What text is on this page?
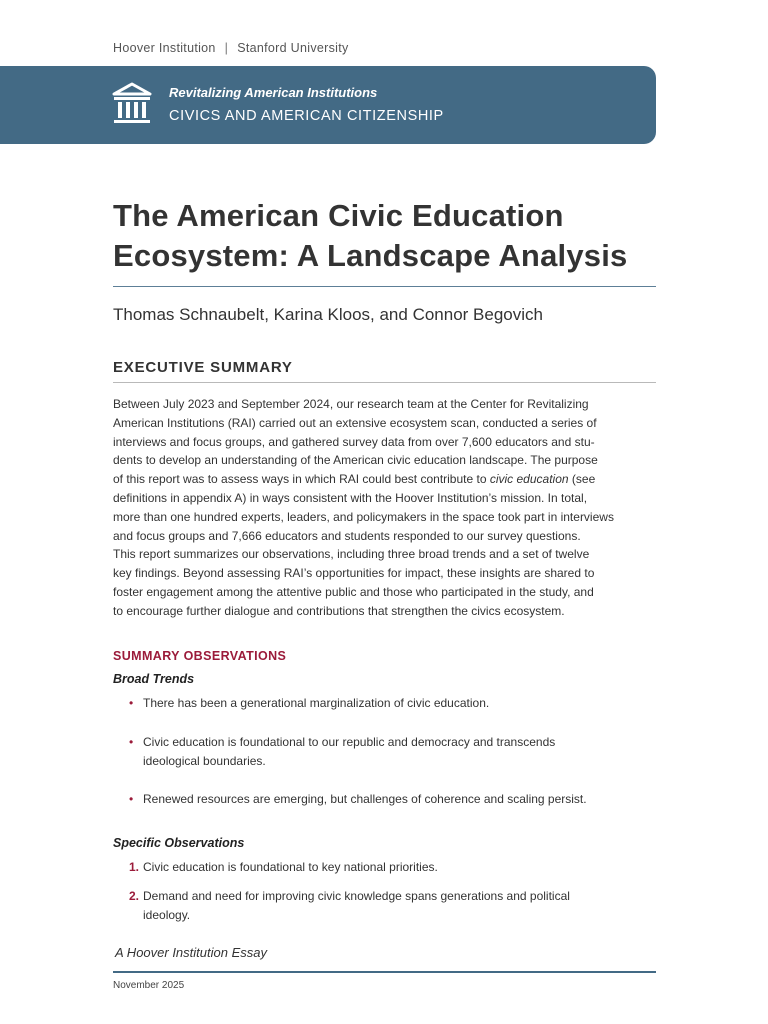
Hoover Institution | Stanford University
Revitalizing American Institutions
CIVICS AND AMERICAN CITIZENSHIP
The American Civic Education
Ecosystem: A Landscape Analysis
Thomas Schnaubelt, Karina Kloos, and Connor Begovich
EXECUTIVE SUMMARY
Between July 2023 and September 2024, our research team at the Center for Revitalizing
American Institutions (RAI) carried out an extensive ecosystem scan, conducted a series of
interviews and focus groups, and gathered survey data from over 7,600 educators and stu-
dents to develop an understanding of the American civic education landscape. The purpose
of this report was to assess ways in which RAI could best contribute to civic education (see
definitions in appendix A) in ways consistent with the Hoover Institution’s mission. In total,
more than one hundred experts, leaders, and policymakers in the space took part in interviews
and focus groups and 7,666 educators and students responded to our survey questions.
This report summarizes our observations, including three broad trends and a set of twelve
key findings. Beyond assessing RAI’s opportunities for impact, these insights are shared to
foster engagement among the attentive public and those who participated in the study, and
to encourage further dialogue and contributions that strengthen the civics ecosystem.
SUMMARY OBSERVATIONS
Broad Trends
• There has been a generational marginalization of civic education.
• Civic education is foundational to our republic and democracy and transcends
ideological boundaries.
• Renewed resources are emerging, but challenges of coherence and scaling persist.
Specific Observations
1. Civic education is foundational to key national priorities.
2. Demand and need for improving civic knowledge spans generations and political
ideology.
A Hoover Institution Essay
November 2025
